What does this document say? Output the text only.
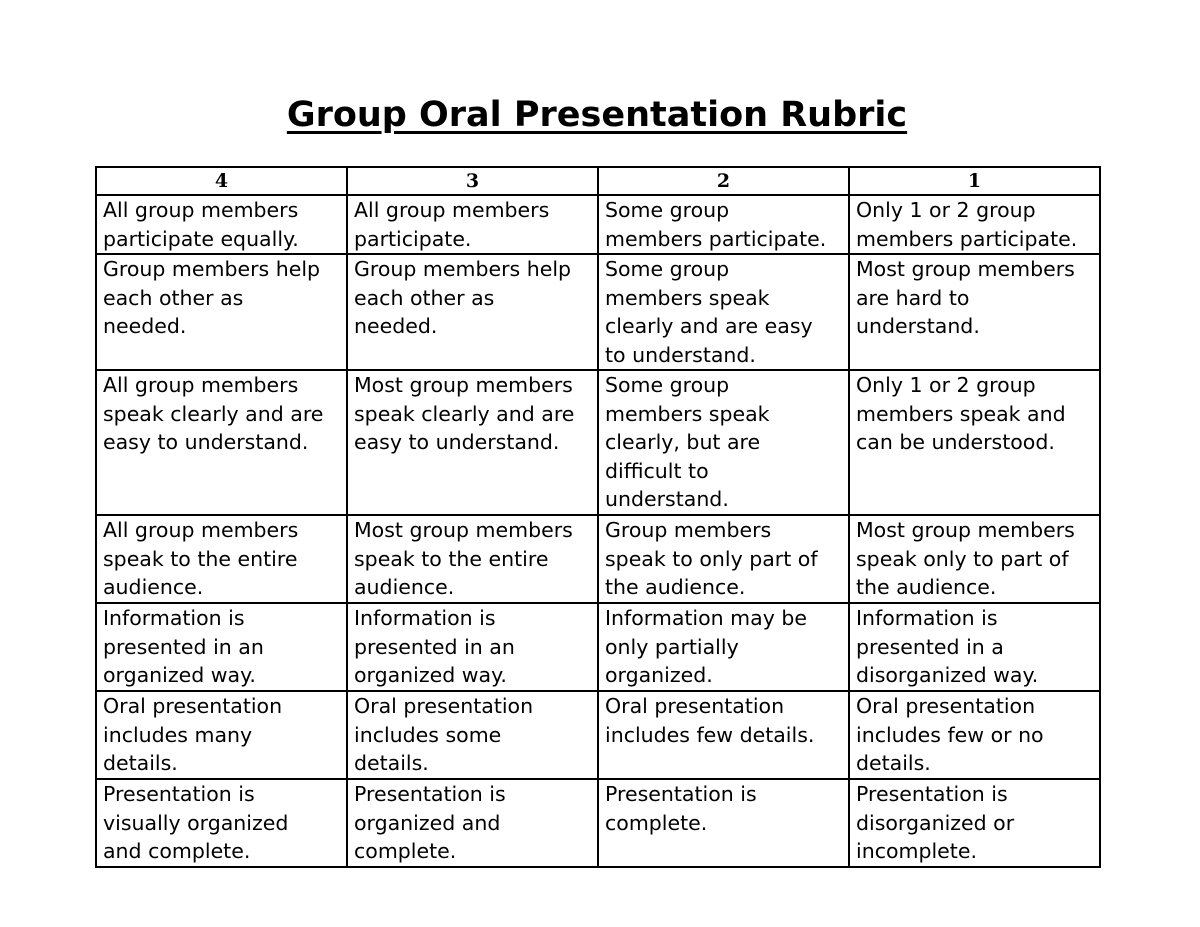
Group Oral Presentation Rubric
4	3	2	1
All group members
participate equally.	All group members
participate.	Some group
members participate.	Only 1 or 2 group
members participate.
Group members help
each other as
needed.	Group members help
each other as
needed.	Some group
members speak
clearly and are easy
to understand.	Most group members
are hard to
understand.
All group members
speak clearly and are
easy to understand.	Most group members
speak clearly and are
easy to understand.	Some group
members speak
clearly, but are
difficult to
understand.	Only 1 or 2 group
members speak and
can be understood.
All group members
speak to the entire
audience.	Most group members
speak to the entire
audience.	Group members
speak to only part of
the audience.	Most group members
speak only to part of
the audience.
Information is
presented in an
organized way.	Information is
presented in an
organized way.	Information may be
only partially
organized.	Information is
presented in a
disorganized way.
Oral presentation
includes many
details.	Oral presentation
includes some
details.	Oral presentation
includes few details.	Oral presentation
includes few or no
details.
Presentation is
visually organized
and complete.	Presentation is
organized and
complete.	Presentation is
complete.	Presentation is
disorganized or
incomplete.
